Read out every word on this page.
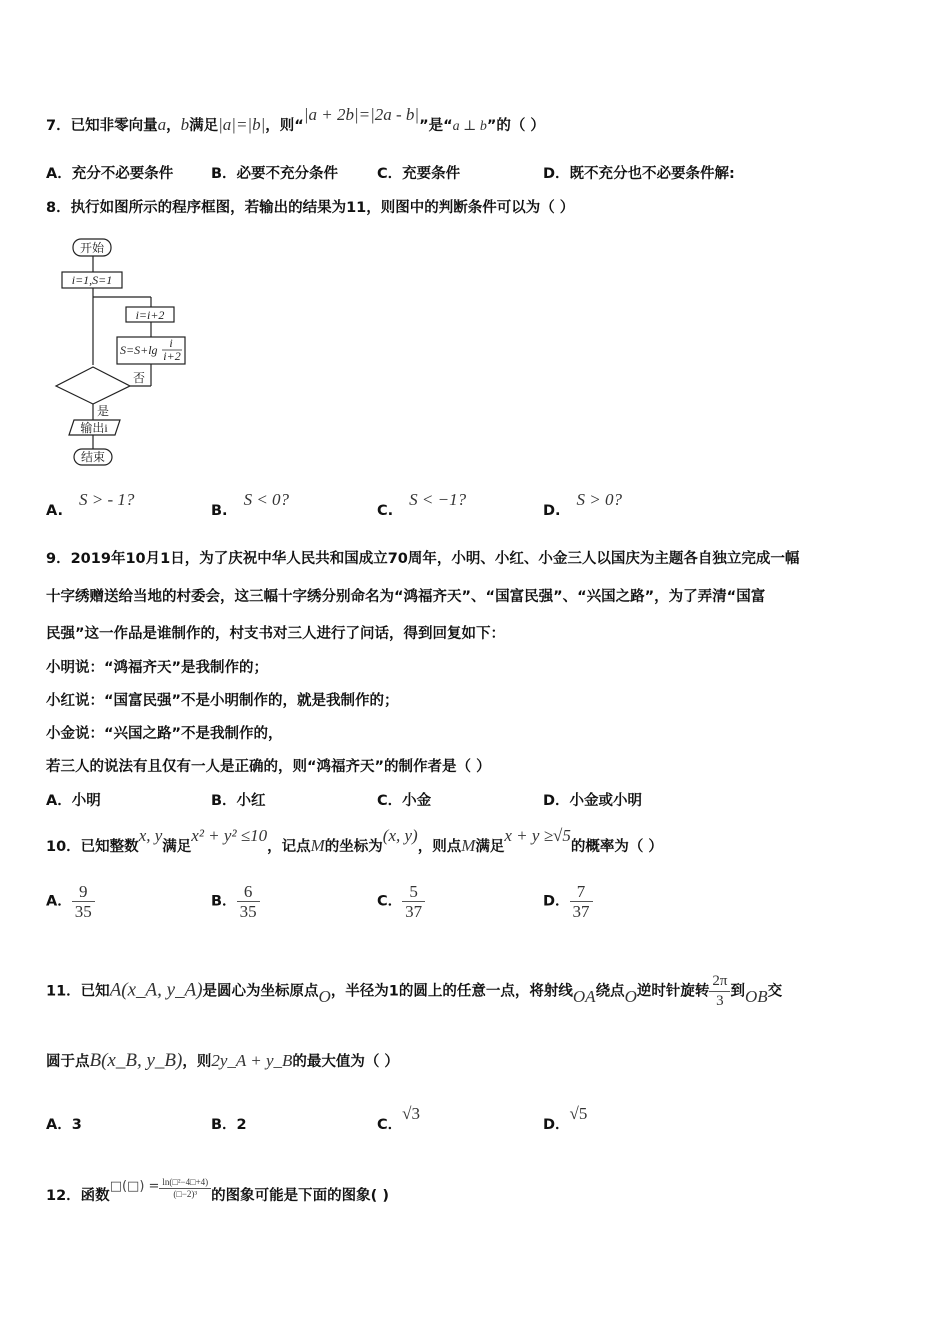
7．已知非零向量a，b满足|a|=|b|，则“|a + 2b|=|2a - b|”是“a ⊥ b”的（ ）
A．充分不必要条件	B．必要不充分条件	C．充要条件	D．既不充分也不必要条件解:
8．执行如图所示的程序框图，若输出的结果为11，则图中的判断条件可以为（ ）
开始
i=1,S=1
i=i+2
S=S+lg i
i+2
否
是
输出i
结束
A.S > - 1?
B.S < 0?
C.S < −1?
D.S > 0?
9．2019年10月1日，为了庆祝中华人民共和国成立70周年，小明、小红、小金三人以国庆为主题各自独立完成一幅
十字绣赠送给当地的村委会，这三幅十字绣分别命名为“鸿福齐天”、“国富民强”、“兴国之路”，为了弄清“国富
民强”这一作品是谁制作的，村支书对三人进行了问话，得到回复如下：
小明说：“鸿福齐天”是我制作的；
小红说：“国富民强”不是小明制作的，就是我制作的；
小金说：“兴国之路”不是我制作的，
若三人的说法有且仅有一人是正确的，则“鸿福齐天”的制作者是（ ）
A．小明	B．小红	C．小金	D．小金或小明
10．已知整数x, y满足x² + y² ≤10，记点M的坐标为(x, y)，则点M满足x + y ≥√5的概率为（ ）
A． $\frac{9}{35}$	B． $\frac{6}{35}$	C． $\frac{5}{37}$	D． $\frac{7}{37}$
11．已知A(x_A, y_A)是圆心为坐标原点O，半径为1的圆上的任意一点，将射线OA绕点O逆时针旋转 $\frac{2\pi}{3}$ 到OB交
圆于点B(x_B, y_B)，则2y_A + y_B的最大值为（ ）
A．3	B．2	C．√3
D．√5
12．函数□(□) = $\frac{\text{ln(□²−4□+4)}}{\text{(□−2)³}}$ 的图象可能是下面的图象( )
